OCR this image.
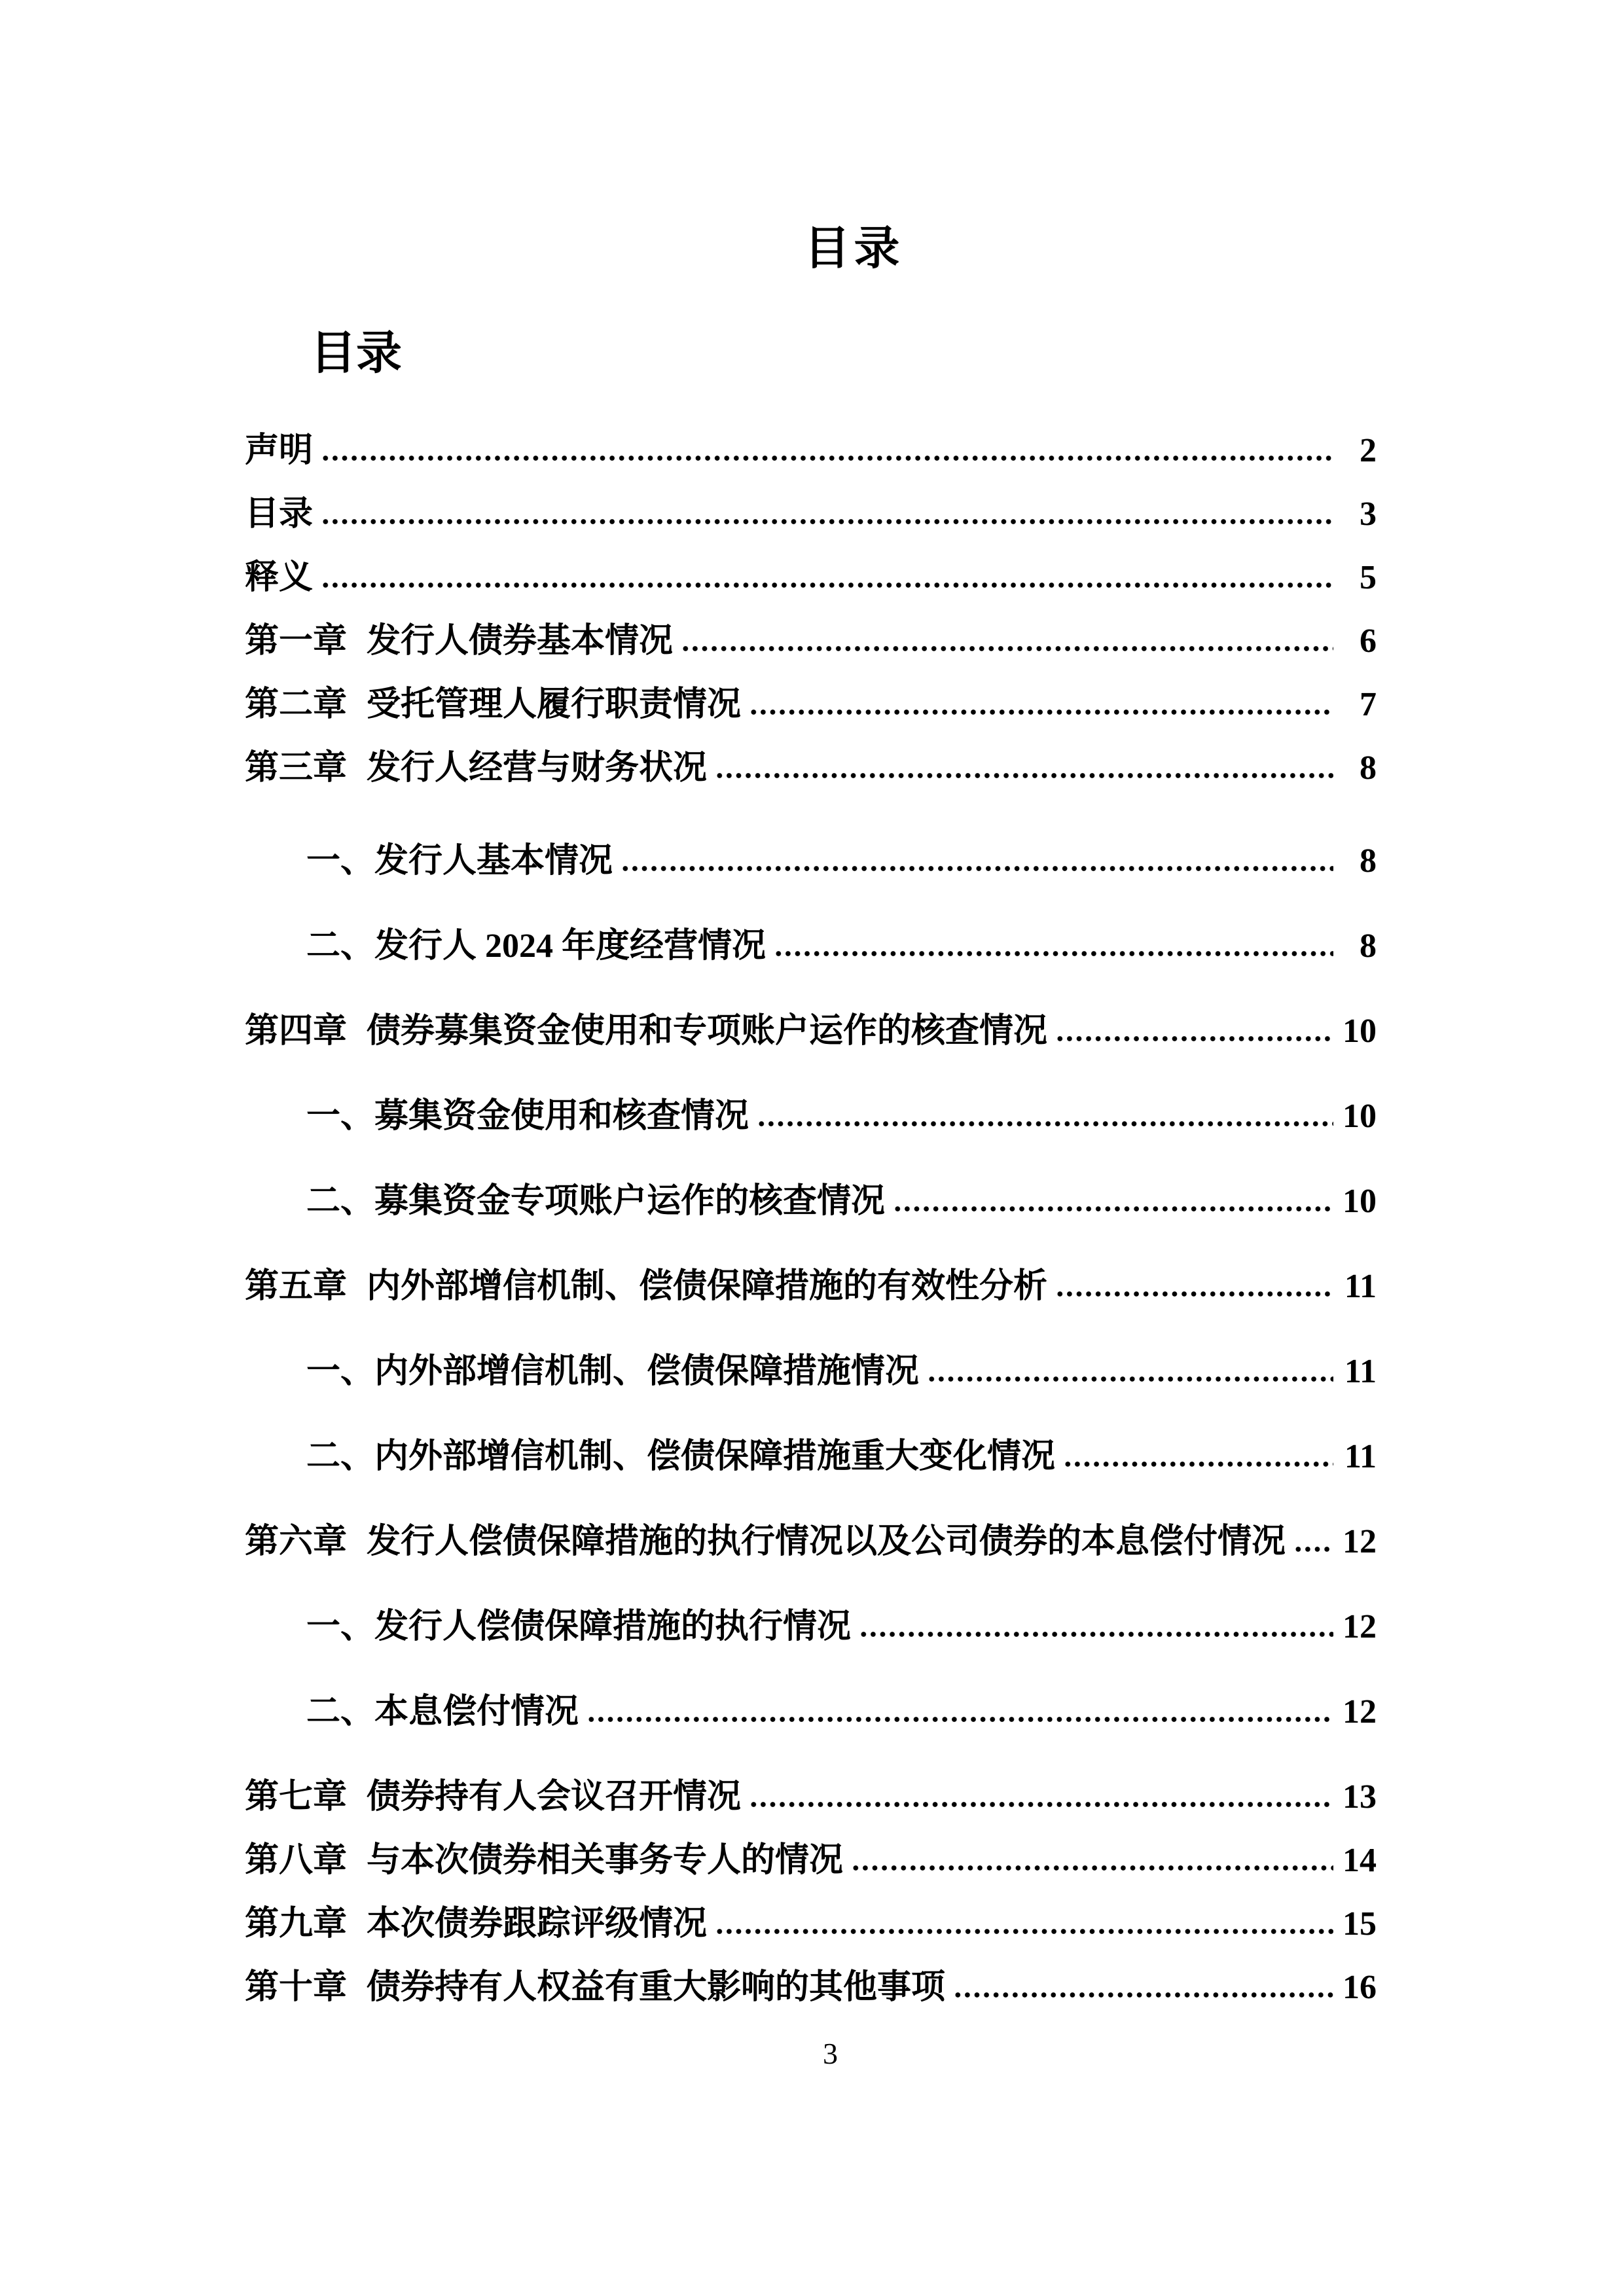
目录
目录
声明	2
目录	3
释义	5
第一章 发行人债券基本情况	6
第二章 受托管理人履行职责情况	7
第三章 发行人经营与财务状况	8
一、发行人基本情况	8
二、发行人 2024 年度经营情况	8
第四章 债券募集资金使用和专项账户运作的核查情况	10
一、募集资金使用和核查情况	10
二、募集资金专项账户运作的核查情况	10
第五章 内外部增信机制、偿债保障措施的有效性分析	11
一、内外部增信机制、偿债保障措施情况	11
二、内外部增信机制、偿债保障措施重大变化情况	11
第六章 发行人偿债保障措施的执行情况以及公司债券的本息偿付情况 12
一、发行人偿债保障措施的执行情况	12
二、本息偿付情况	12
第七章 债券持有人会议召开情况	13
第八章 与本次债券相关事务专人的情况	14
第九章 本次债券跟踪评级情况	15
第十章 债券持有人权益有重大影响的其他事项	16
3
